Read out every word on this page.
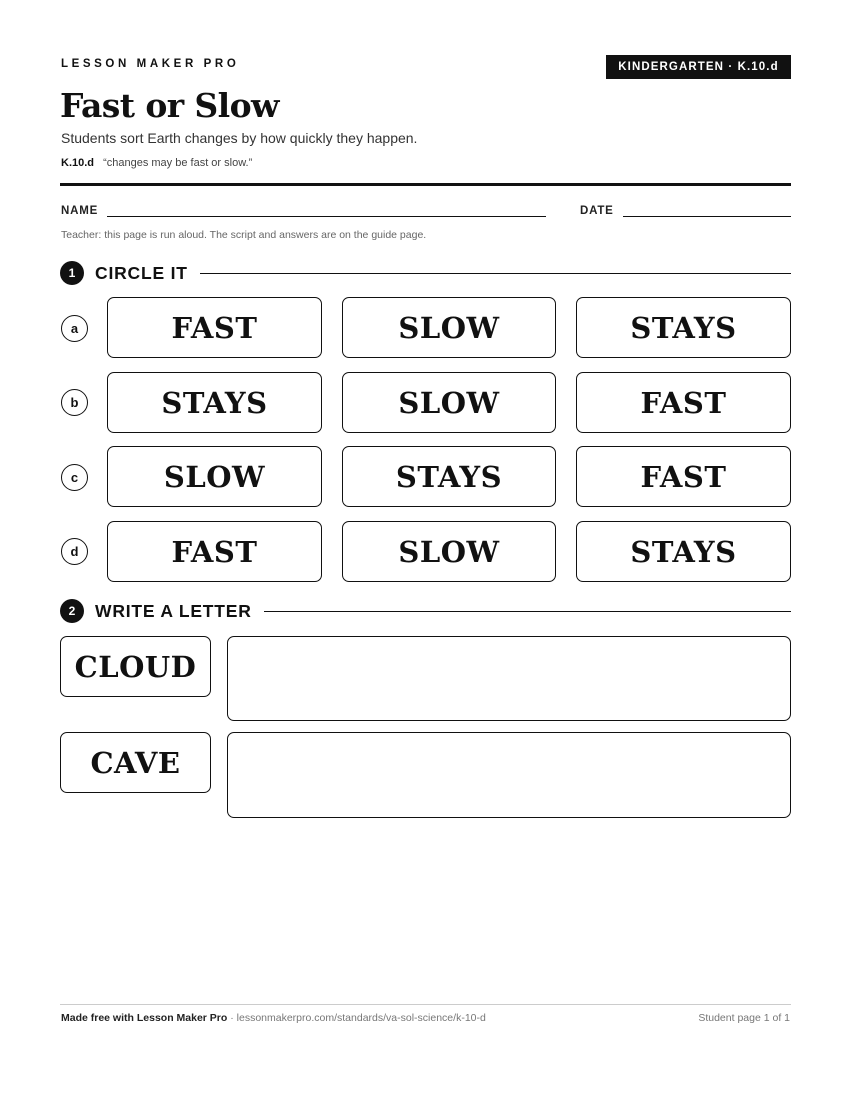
LESSON MAKER PRO	KINDERGARTEN · K.10.d
Fast or Slow
Students sort Earth changes by how quickly they happen.
K.10.d “changes may be fast or slow.”
NAME	DATE
Teacher: this page is run aloud. The script and answers are on the guide page.
1	CIRCLE IT
a	FAST	SLOW	STAYS
b	STAYS	SLOW	FAST
c	SLOW	STAYS	FAST
d	FAST	SLOW	STAYS
2	WRITE A LETTER
CLOUD
CAVE
Made free with Lesson Maker Pro · lessonmakerpro.com/standards/va-sol-science/k-10-d	Student page 1 of 1
